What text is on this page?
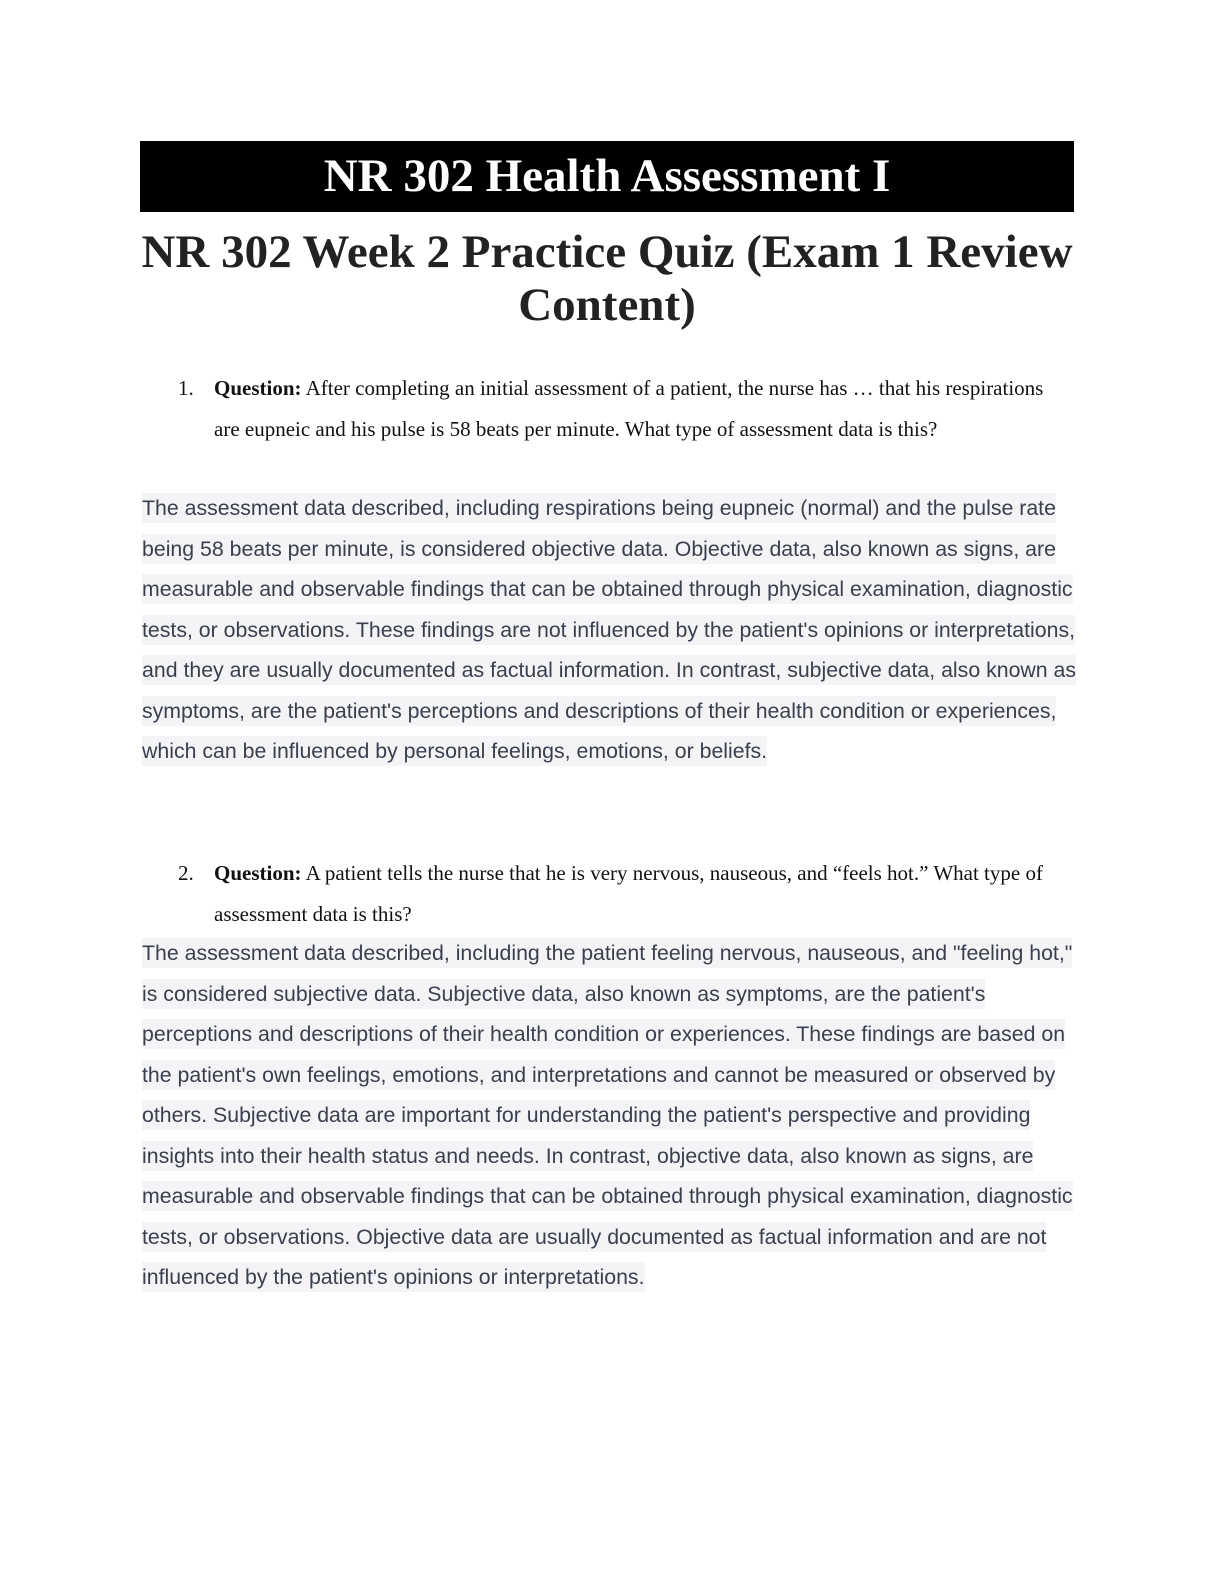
NR 302 Health Assessment I
NR 302 Week 2 Practice Quiz (Exam 1 Review Content)
1. Question: After completing an initial assessment of a patient, the nurse has … that his respirations are eupneic and his pulse is 58 beats per minute. What type of assessment data is this?
The assessment data described, including respirations being eupneic (normal) and the pulse rate being 58 beats per minute, is considered objective data. Objective data, also known as signs, are measurable and observable findings that can be obtained through physical examination, diagnostic tests, or observations. These findings are not influenced by the patient's opinions or interpretations, and they are usually documented as factual information. In contrast, subjective data, also known as symptoms, are the patient's perceptions and descriptions of their health condition or experiences, which can be influenced by personal feelings, emotions, or beliefs.
2. Question: A patient tells the nurse that he is very nervous, nauseous, and “feels hot.” What type of assessment data is this?
The assessment data described, including the patient feeling nervous, nauseous, and "feeling hot," is considered subjective data. Subjective data, also known as symptoms, are the patient's perceptions and descriptions of their health condition or experiences. These findings are based on the patient's own feelings, emotions, and interpretations and cannot be measured or observed by others. Subjective data are important for understanding the patient's perspective and providing insights into their health status and needs. In contrast, objective data, also known as signs, are measurable and observable findings that can be obtained through physical examination, diagnostic tests, or observations. Objective data are usually documented as factual information and are not influenced by the patient's opinions or interpretations.
